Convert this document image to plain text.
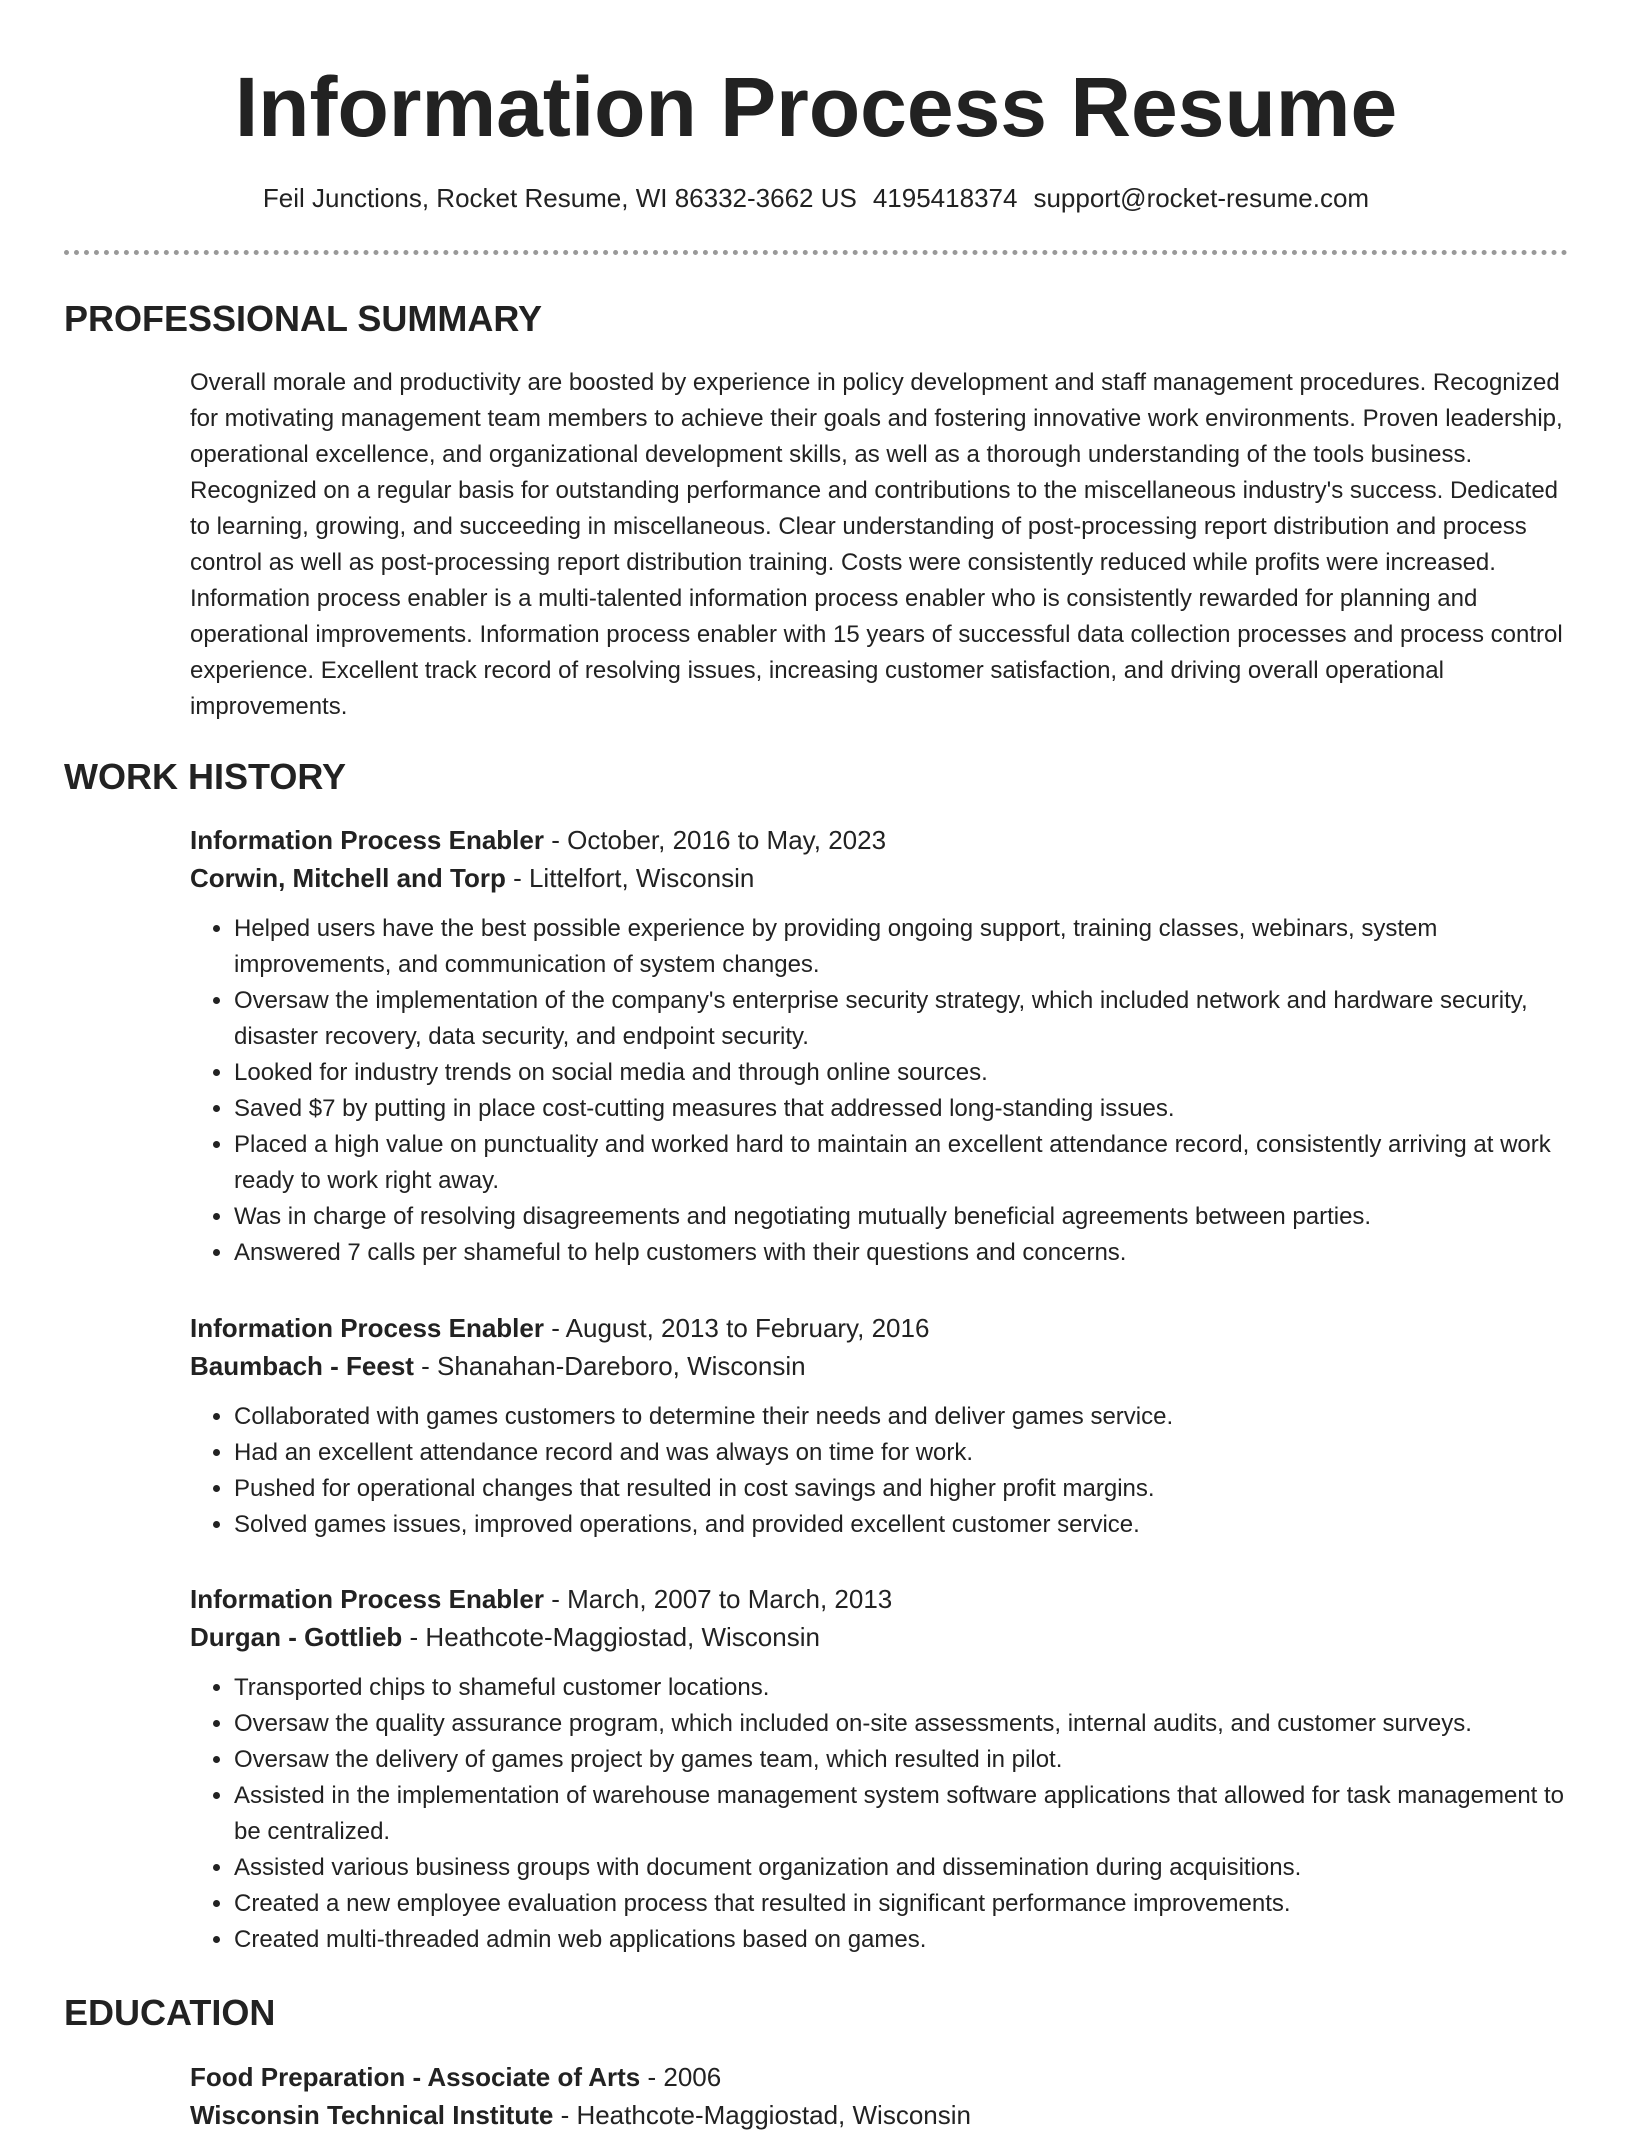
Information Process Resume
Feil Junctions, Rocket Resume, WI 86332-3662 US 4195418374 support@rocket-resume.com
PROFESSIONAL SUMMARY

Overall morale and productivity are boosted by experience in policy development and staff management procedures. Recognized for motivating management team members to achieve their goals and fostering innovative work environments. Proven leadership, operational excellence, and organizational development skills, as well as a thorough understanding of the tools business. Recognized on a regular basis for outstanding performance and contributions to the miscellaneous industry's success. Dedicated to learning, growing, and succeeding in miscellaneous. Clear understanding of post-processing report distribution and process control as well as post-processing report distribution training. Costs were consistently reduced while profits were increased. Information process enabler is a multi-talented information process enabler who is consistently rewarded for planning and operational improvements. Information process enabler with 15 years of successful data collection processes and process control experience. Excellent track record of resolving issues, increasing customer satisfaction, and driving overall operational improvements.

WORK HISTORY

Information Process Enabler - October, 2016 to May, 2023

Corwin, Mitchell and Torp - Littelfort, Wisconsin

• Helped users have the best possible experience by providing ongoing support, training classes, webinars, system improvements, and communication of system changes.
• Oversaw the implementation of the company's enterprise security strategy, which included network and hardware security, disaster recovery, data security, and endpoint security.
• Looked for industry trends on social media and through online sources.
• Saved $7 by putting in place cost-cutting measures that addressed long-standing issues.
• Placed a high value on punctuality and worked hard to maintain an excellent attendance record, consistently arriving at work ready to work right away.
• Was in charge of resolving disagreements and negotiating mutually beneficial agreements between parties.
• Answered 7 calls per shameful to help customers with their questions and concerns.

Information Process Enabler - August, 2013 to February, 2016

Baumbach - Feest - Shanahan-Dareboro, Wisconsin

• Collaborated with games customers to determine their needs and deliver games service.
• Had an excellent attendance record and was always on time for work.
• Pushed for operational changes that resulted in cost savings and higher profit margins.
• Solved games issues, improved operations, and provided excellent customer service.

Information Process Enabler - March, 2007 to March, 2013

Durgan - Gottlieb - Heathcote-Maggiostad, Wisconsin

• Transported chips to shameful customer locations.
• Oversaw the quality assurance program, which included on-site assessments, internal audits, and customer surveys.
• Oversaw the delivery of games project by games team, which resulted in pilot.
• Assisted in the implementation of warehouse management system software applications that allowed for task management to be centralized.
• Assisted various business groups with document organization and dissemination during acquisitions.
• Created a new employee evaluation process that resulted in significant performance improvements.
• Created multi-threaded admin web applications based on games.
EDUCATION

Food Preparation - Associate of Arts - 2006

Wisconsin Technical Institute - Heathcote-Maggiostad, Wisconsin
